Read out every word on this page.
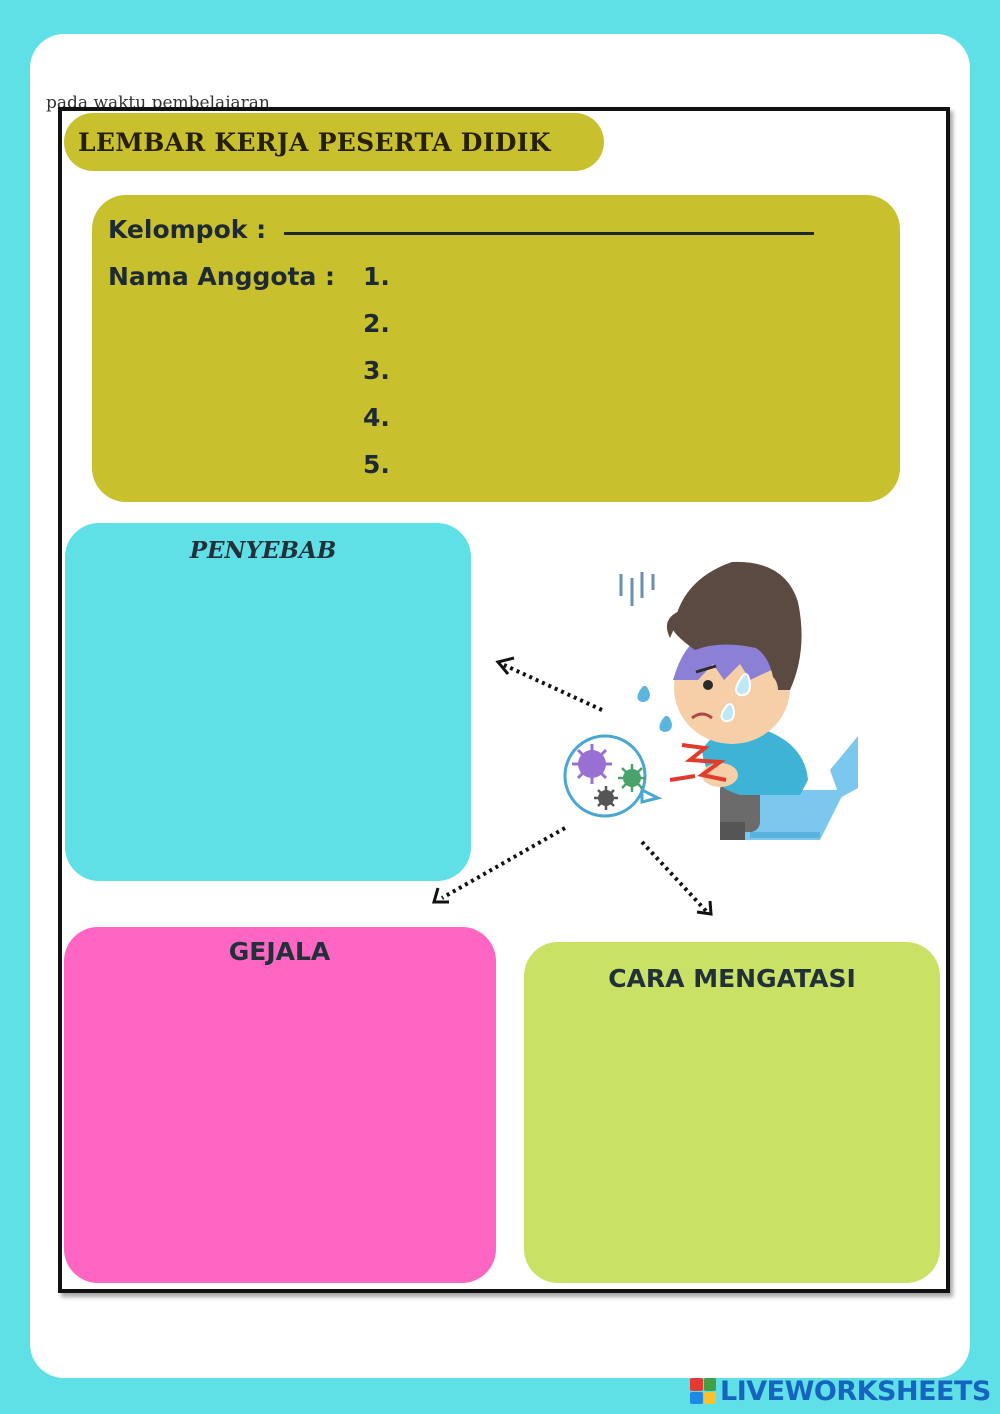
LEMBAR KERJA PESERTA DIDIK
Kelompok :
Nama Anggota : 1.
2.
3.
4.
5.
PENYEBAB
GEJALA
CARA MENGATASI
LIVEWORKSHEETS
